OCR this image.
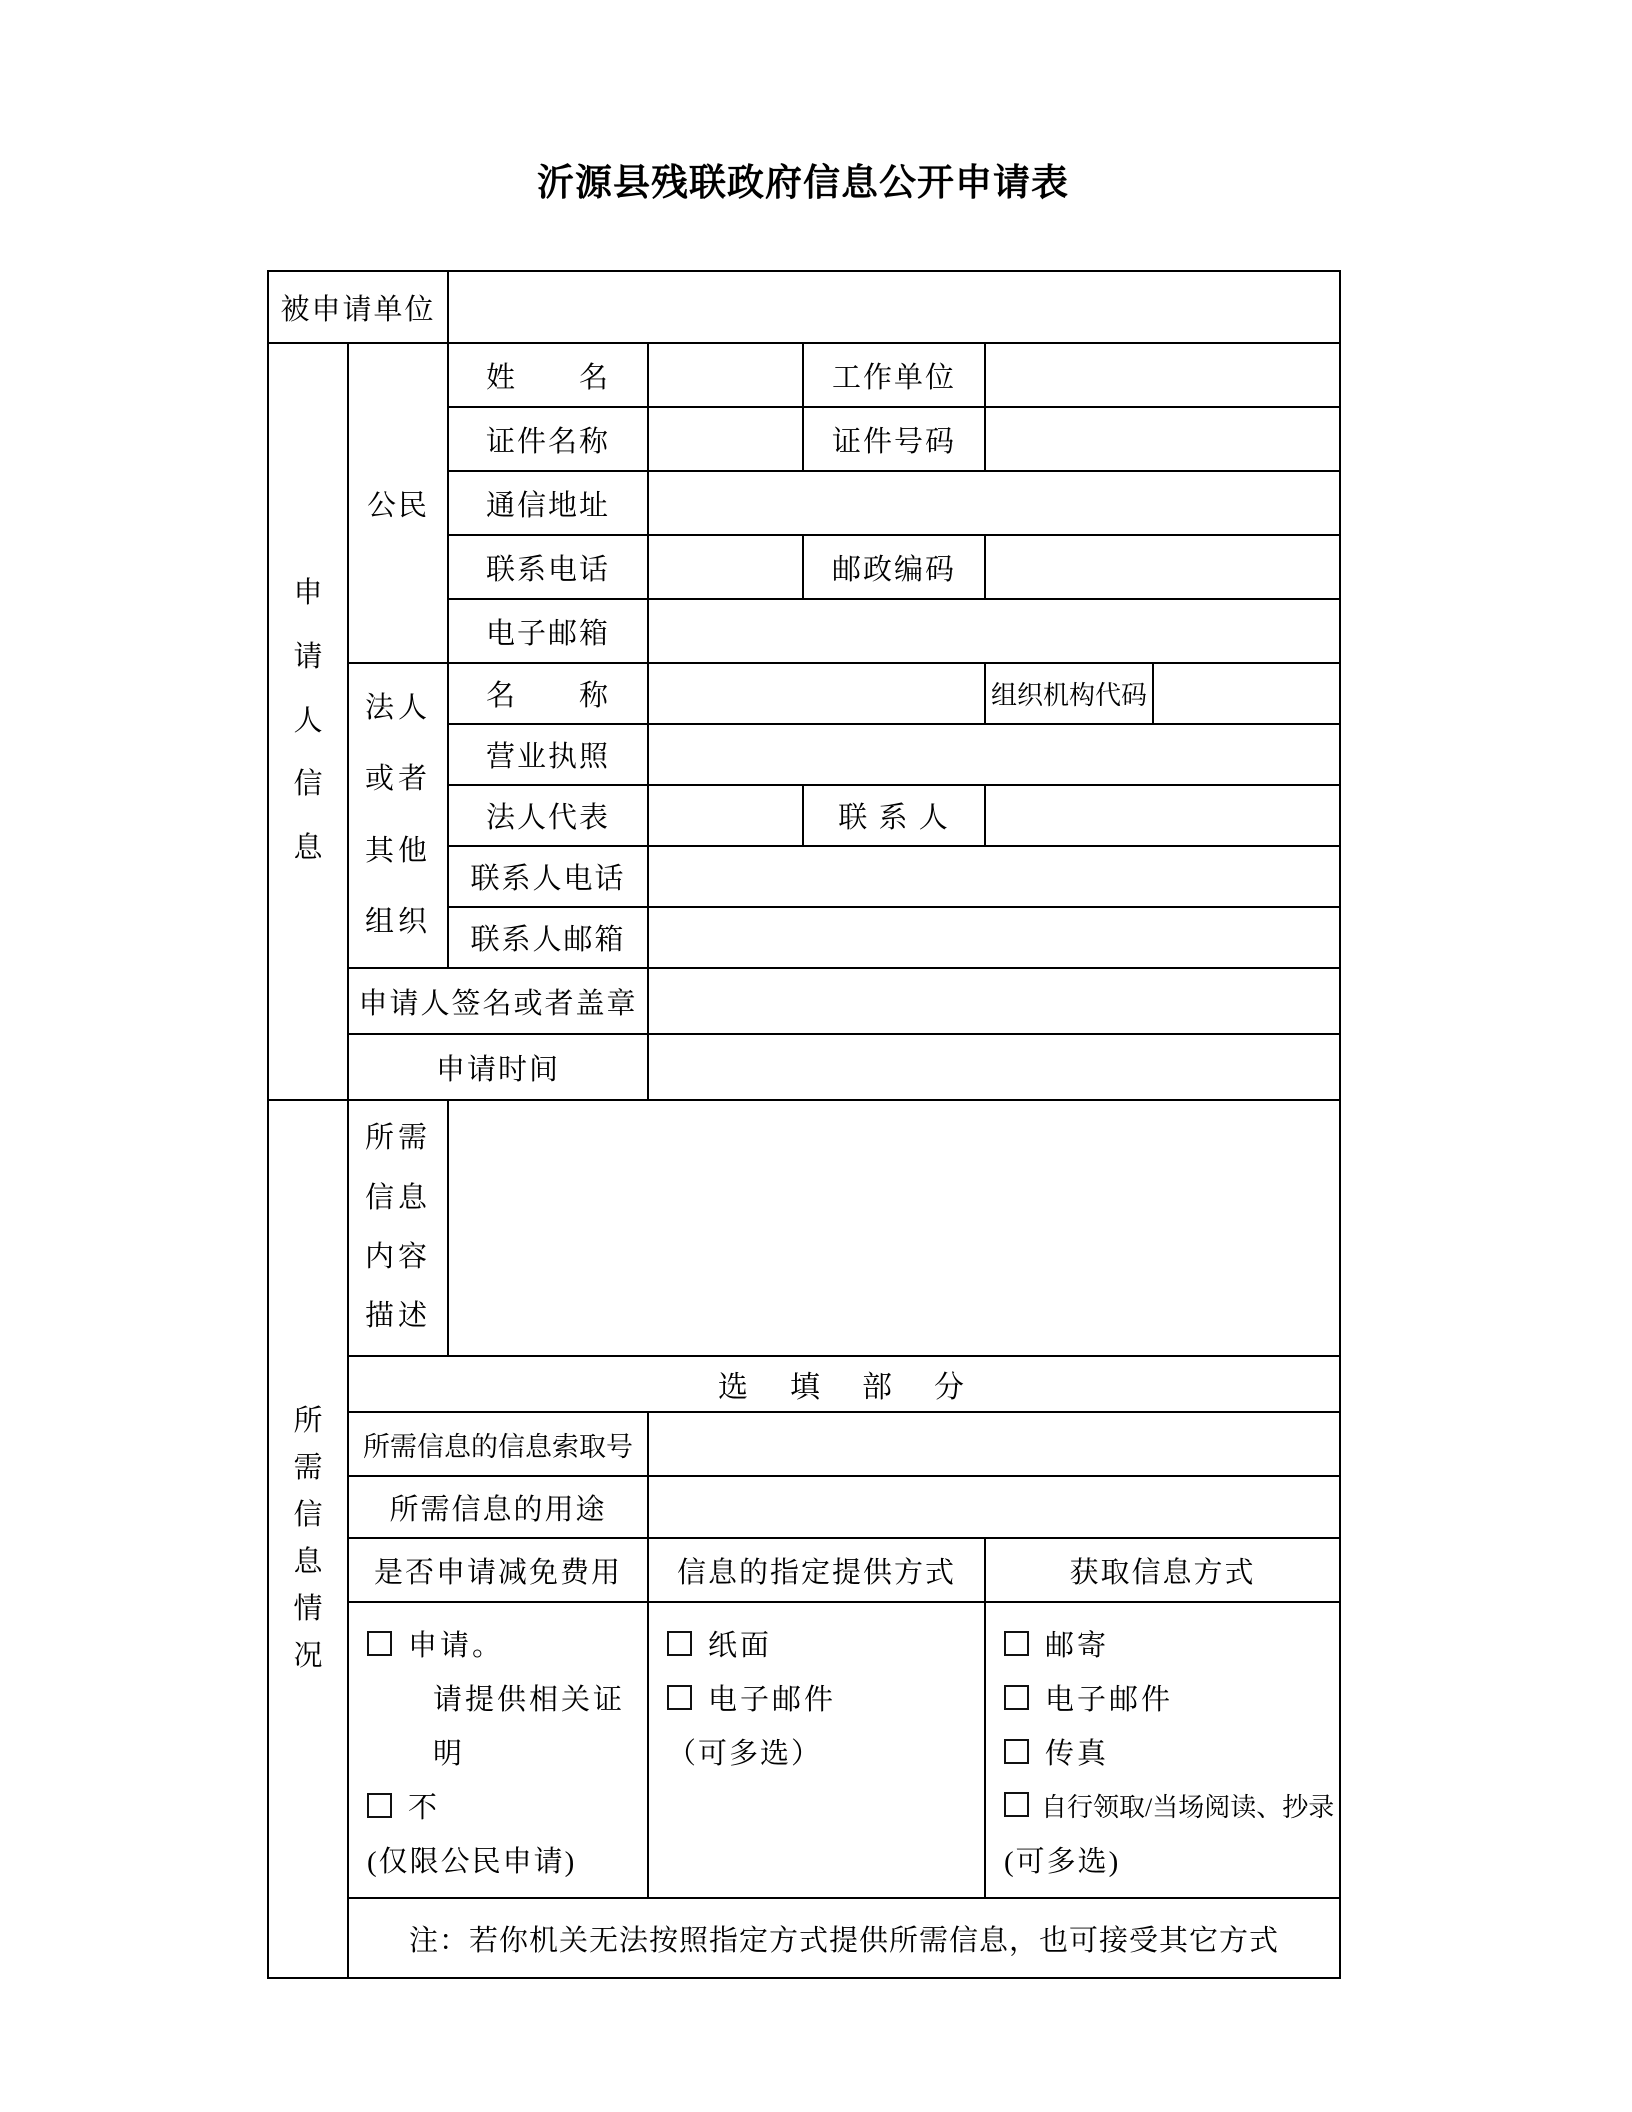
沂源县残联政府信息公开申请表
被申请单位						

申请人信息	公民	姓　　名		工作单位		
		证件名称		证件号码		
		通信地址				
		联系电话		邮政编码		
		电子邮箱				

	法人或者其他组织	名　　称			组织机构代码	
		营业执照				
		法人代表		联 系 人		
		联系人电话				
		联系人邮箱				
	申请人签名或者盖章					
	申请时间					

所需信息情况	所需信息内容描述					

	选　填　部　分					
	所需信息的信息索取号					
	所需信息的用途					
	是否申请减免费用		信息的指定提供方式		获取信息方式	

申请。
请提供相关证明
不
(仅限公民申请)

纸面
电子邮件
（可多选）

邮寄
电子邮件
传真
自行领取/当场阅读、抄录
(可多选)

	注：若你机关无法按照指定方式提供所需信息，也可接受其它方式					
